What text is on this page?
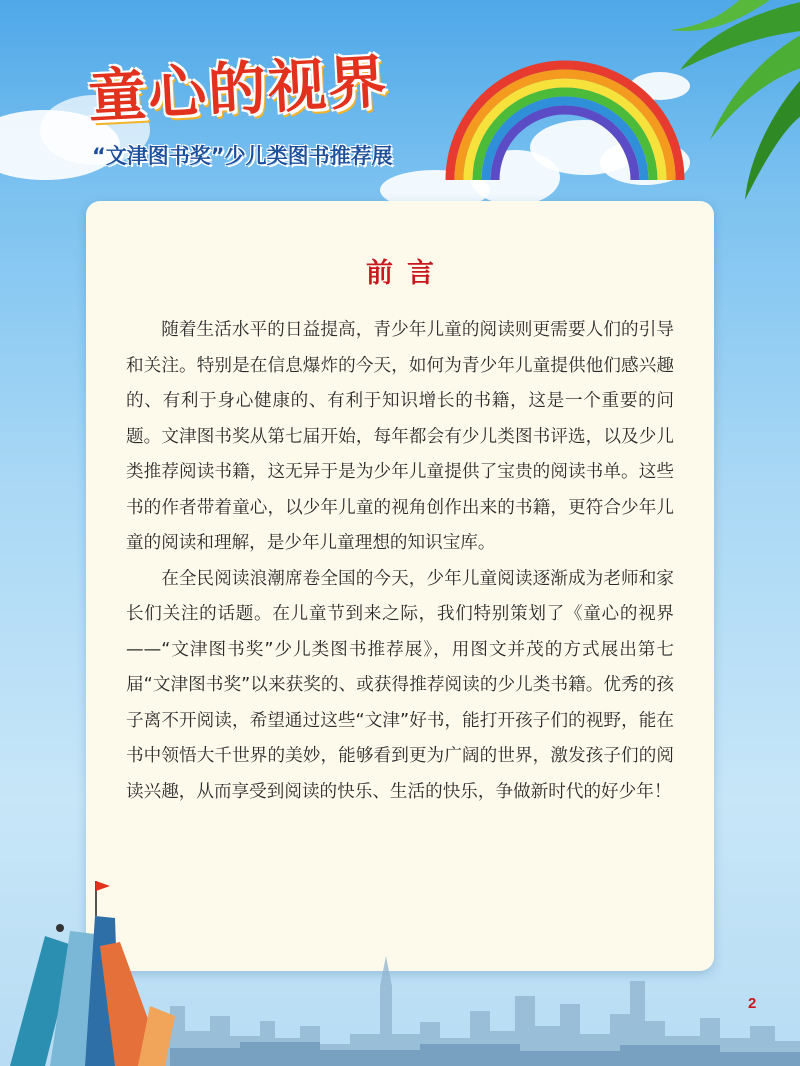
童心的视界
“文津图书奖”少儿类图书推荐展
前言

随着生活水平的日益提高，青少年儿童的阅读则更需要人们的引导和关注。特别是在信息爆炸的今天，如何为青少年儿童提供他们感兴趣的、有利于身心健康的、有利于知识增长的书籍，这是一个重要的问题。文津图书奖从第七届开始，每年都会有少儿类图书评选，以及少儿类推荐阅读书籍，这无异于是为少年儿童提供了宝贵的阅读书单。这些书的作者带着童心，以少年儿童的视角创作出来的书籍，更符合少年儿童的阅读和理解，是少年儿童理想的知识宝库。

在全民阅读浪潮席卷全国的今天，少年儿童阅读逐渐成为老师和家长们关注的话题。在儿童节到来之际，我们特别策划了《童心的视界——“文津图书奖”少儿类图书推荐展》，用图文并茂的方式展出第七届“文津图书奖”以来获奖的、或获得推荐阅读的少儿类书籍。优秀的孩子离不开阅读，希望通过这些“文津”好书，能打开孩子们的视野，能在书中领悟大千世界的美妙，能够看到更为广阔的世界，激发孩子们的阅读兴趣，从而享受到阅读的快乐、生活的快乐，争做新时代的好少年！

2
